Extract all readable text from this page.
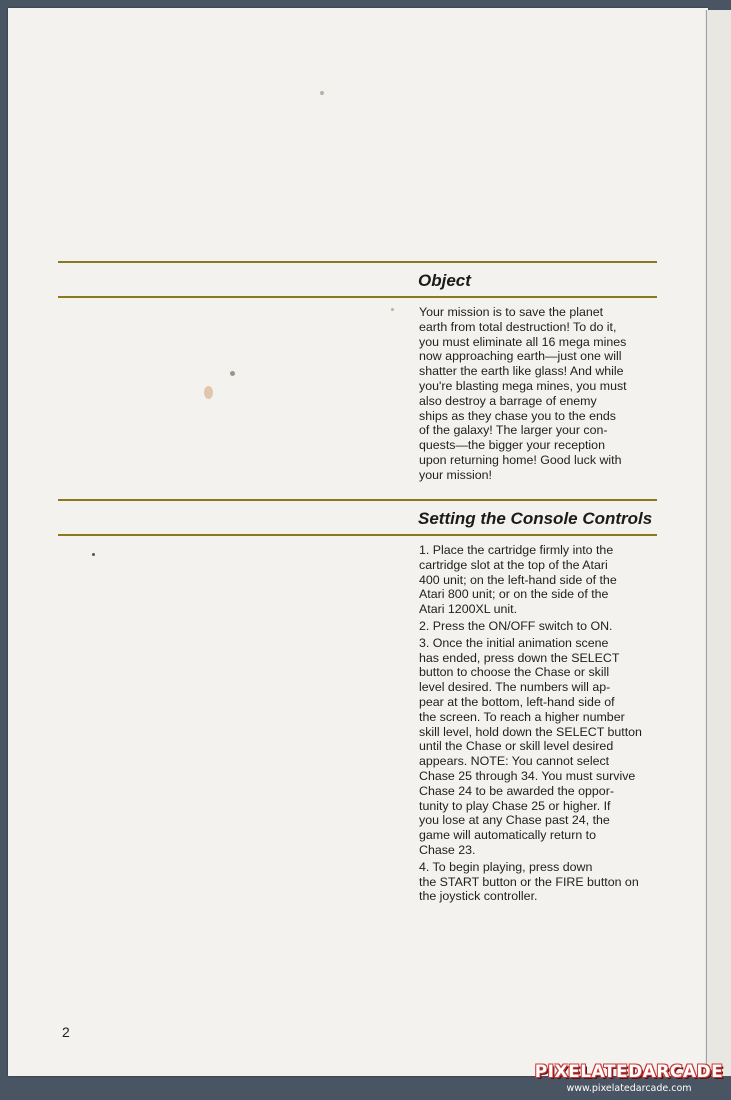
Object
Your mission is to save the planet
earth from total destruction! To do it,
you must eliminate all 16 mega mines
now approaching earth—just one will
shatter the earth like glass! And while
you're blasting mega mines, you must
also destroy a barrage of enemy
ships as they chase you to the ends
of the galaxy! The larger your con-
quests—the bigger your reception
upon returning home! Good luck with
your mission!
Setting the Console Controls
1. Place the cartridge firmly into the
cartridge slot at the top of the Atari
400 unit; on the left-hand side of the
Atari 800 unit; or on the side of the
Atari 1200XL unit.
2. Press the ON/OFF switch to ON.
3. Once the initial animation scene
has ended, press down the SELECT
button to choose the Chase or skill
level desired. The numbers will ap-
pear at the bottom, left-hand side of
the screen. To reach a higher number
skill level, hold down the SELECT button
until the Chase or skill level desired
appears. NOTE: You cannot select
Chase 25 through 34. You must survive
Chase 24 to be awarded the oppor-
tunity to play Chase 25 or higher. If
you lose at any Chase past 24, the
game will automatically return to
Chase 23.
4. To begin playing, press down
the START button or the FIRE button on
the joystick controller.
2
PIXELATEDARCADE
www.pixelatedarcade.com
